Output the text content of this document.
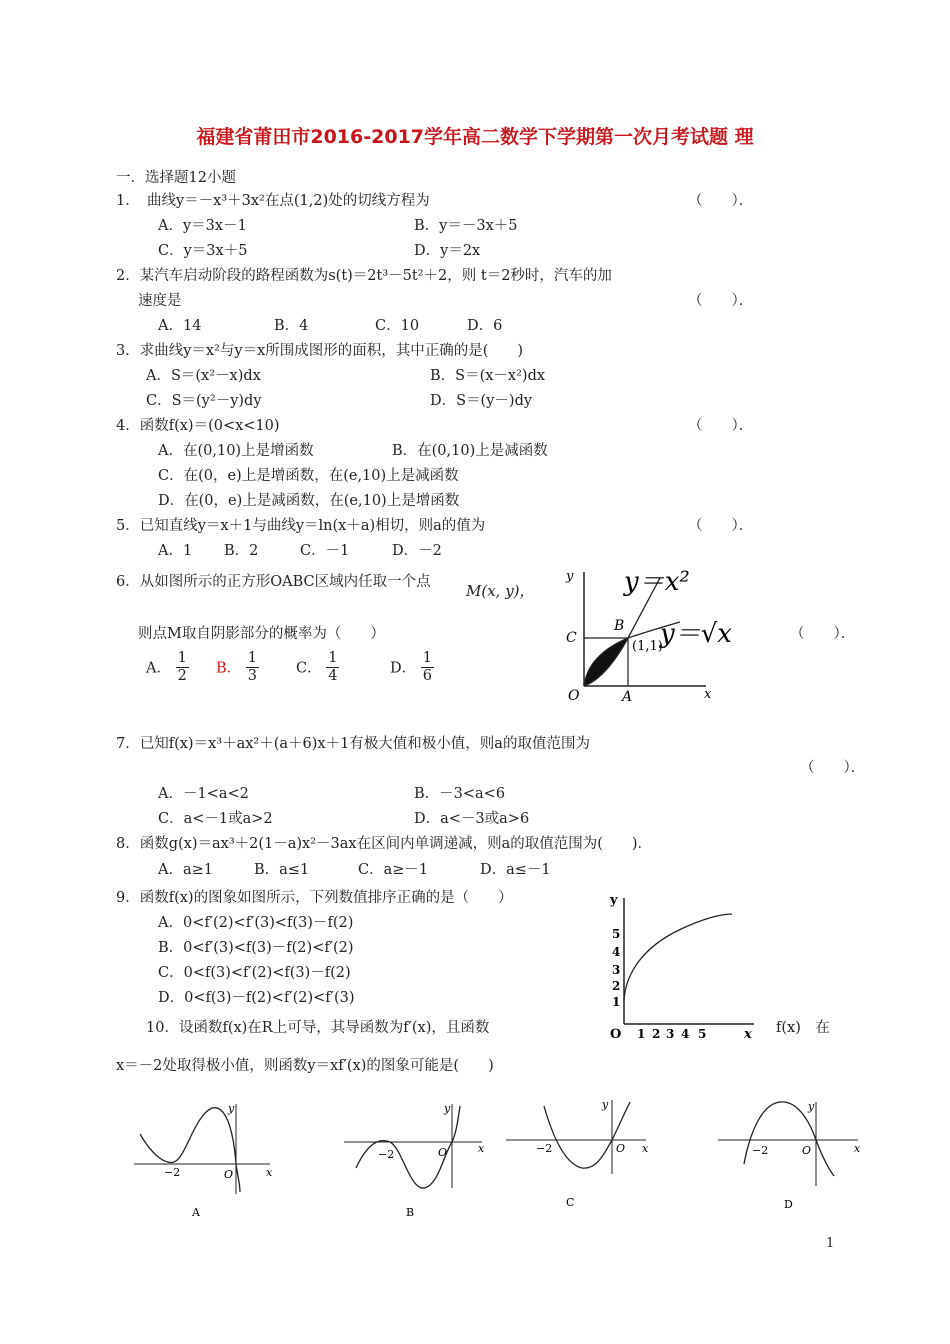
福建省莆田市2016-2017学年高二数学下学期第一次月考试题 理
一．选择题12小题
1．　曲线y＝－x³＋3x²在点(1,2)处的切线方程为	（　　）．
A．y＝3x－1	B．y＝－3x＋5
C．y＝3x＋5	D．y＝2x
2．某汽车启动阶段的路程函数为s(t)＝2t³－5t²＋2，则 t＝2秒时，汽车的加
速度是	（　　）．
A．14	B．4	C．10	D．6
3．求曲线y＝x²与y＝x所围成图形的面积，其中正确的是(　　)
A．S＝(x²－x)dx	B．S＝(x－x²)dx
C．S＝(y²－y)dy	D．S＝(y－)dy
4．函数f(x)＝(0<x<10)	（　　）．
A．在(0,10)上是增函数	B．在(0,10)上是减函数
C．在(0，e)上是增函数，在(e,10)上是减函数
D．在(0，e)上是减函数，在(e,10)上是增函数
5．已知直线y＝x＋1与曲线y＝ln(x＋a)相切，则a的值为	（　　）．
A．1 B．2	C．－1	D．－2
6．从如图所示的正方形OABC区域内任取一个点 M(x, y)，
则点M取自阴影部分的概率为（　　）	（　　）．
A． $\frac{1}{2}$ B． $\frac{1}{3}$	C． $\frac{1}{4}$	D． $\frac{1}{6}$
y
x
O	A
B
C
(1,1)
y＝x²
y＝√x
7．已知f(x)＝x³＋ax²＋(a＋6)x＋1有极大值和极小值，则a的取值范围为
（　　）．
A．－1<a<2	B．－3<a<6
C．a<－1或a>2	D．a<－3或a>6
8．函数g(x)＝ax³＋2(1－a)x²－3ax在区间内单调递减，则a的取值范围为(　　)．
A．a≥1	B．a≤1	C．a≥－1	D．a≤－1
9．函数f(x)的图象如图所示，下列数值排序正确的是（　　）
A．0<f′(2)<f′(3)<f(3)－f(2)
B．0<f′(3)<f(3)－f(2)<f′(2)
C．0<f(3)<f′(2)<f(3)－f(2)
D．0<f(3)－f(2)<f′(2)<f′(3)
y
x
O
1
2
3
4
5
1 2 3 4 5
10．设函数f(x)在R上可导，其导函数为f′(x)，且函数	f(x)　在
x＝－2处取得极小值，则函数y＝xf′(x)的图象可能是(　　)
y
x
O
−2
A
y
x
O
−2
B
y
x
O
−2
C
y
x
O
−2
D
1
